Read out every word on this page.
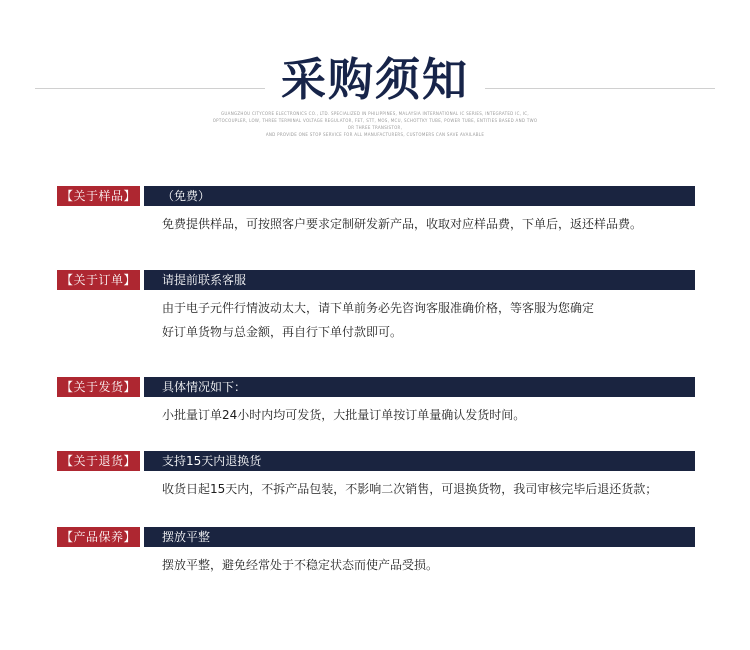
采购须知
GUANGZHOU CITYCORE ELECTRONICS CO., LTD. SPECIALIZED IN PHILIPPINES, MALAYSIA INTERNATIONAL IC SERIES, INTEGRATED IC, IC,
OPTOCOUPLER, LOW, THREE TERMINAL VOLTAGE REGULATOR, FET, STT, MOS, MCU, SCHOTTKY TUBE, POWER TUBE, ENTITIES BASED AND TWO OR THREE TRANSISTOR,
AND PROVIDE ONE STOP SERVICE FOR ALL MANUFACTURERS, CUSTOMERS CAN SAVE AVAILABLE
【关于样品】	（免费）
免费提供样品，可按照客户要求定制研发新产品，收取对应样品费，下单后，返还样品费。
【关于订单】	请提前联系客服
由于电子元件行情波动太大，请下单前务必先咨询客服准确价格，等客服为您确定
好订单货物与总金额，再自行下单付款即可。
【关于发货】	具体情况如下：
小批量订单24小时内均可发货，大批量订单按订单量确认发货时间。
【关于退货】	支持15天内退换货
收货日起15天内，不拆产品包装，不影响二次销售，可退换货物，我司审核完毕后退还货款；
【产品保养】	摆放平整
摆放平整，避免经常处于不稳定状态而使产品受损。
